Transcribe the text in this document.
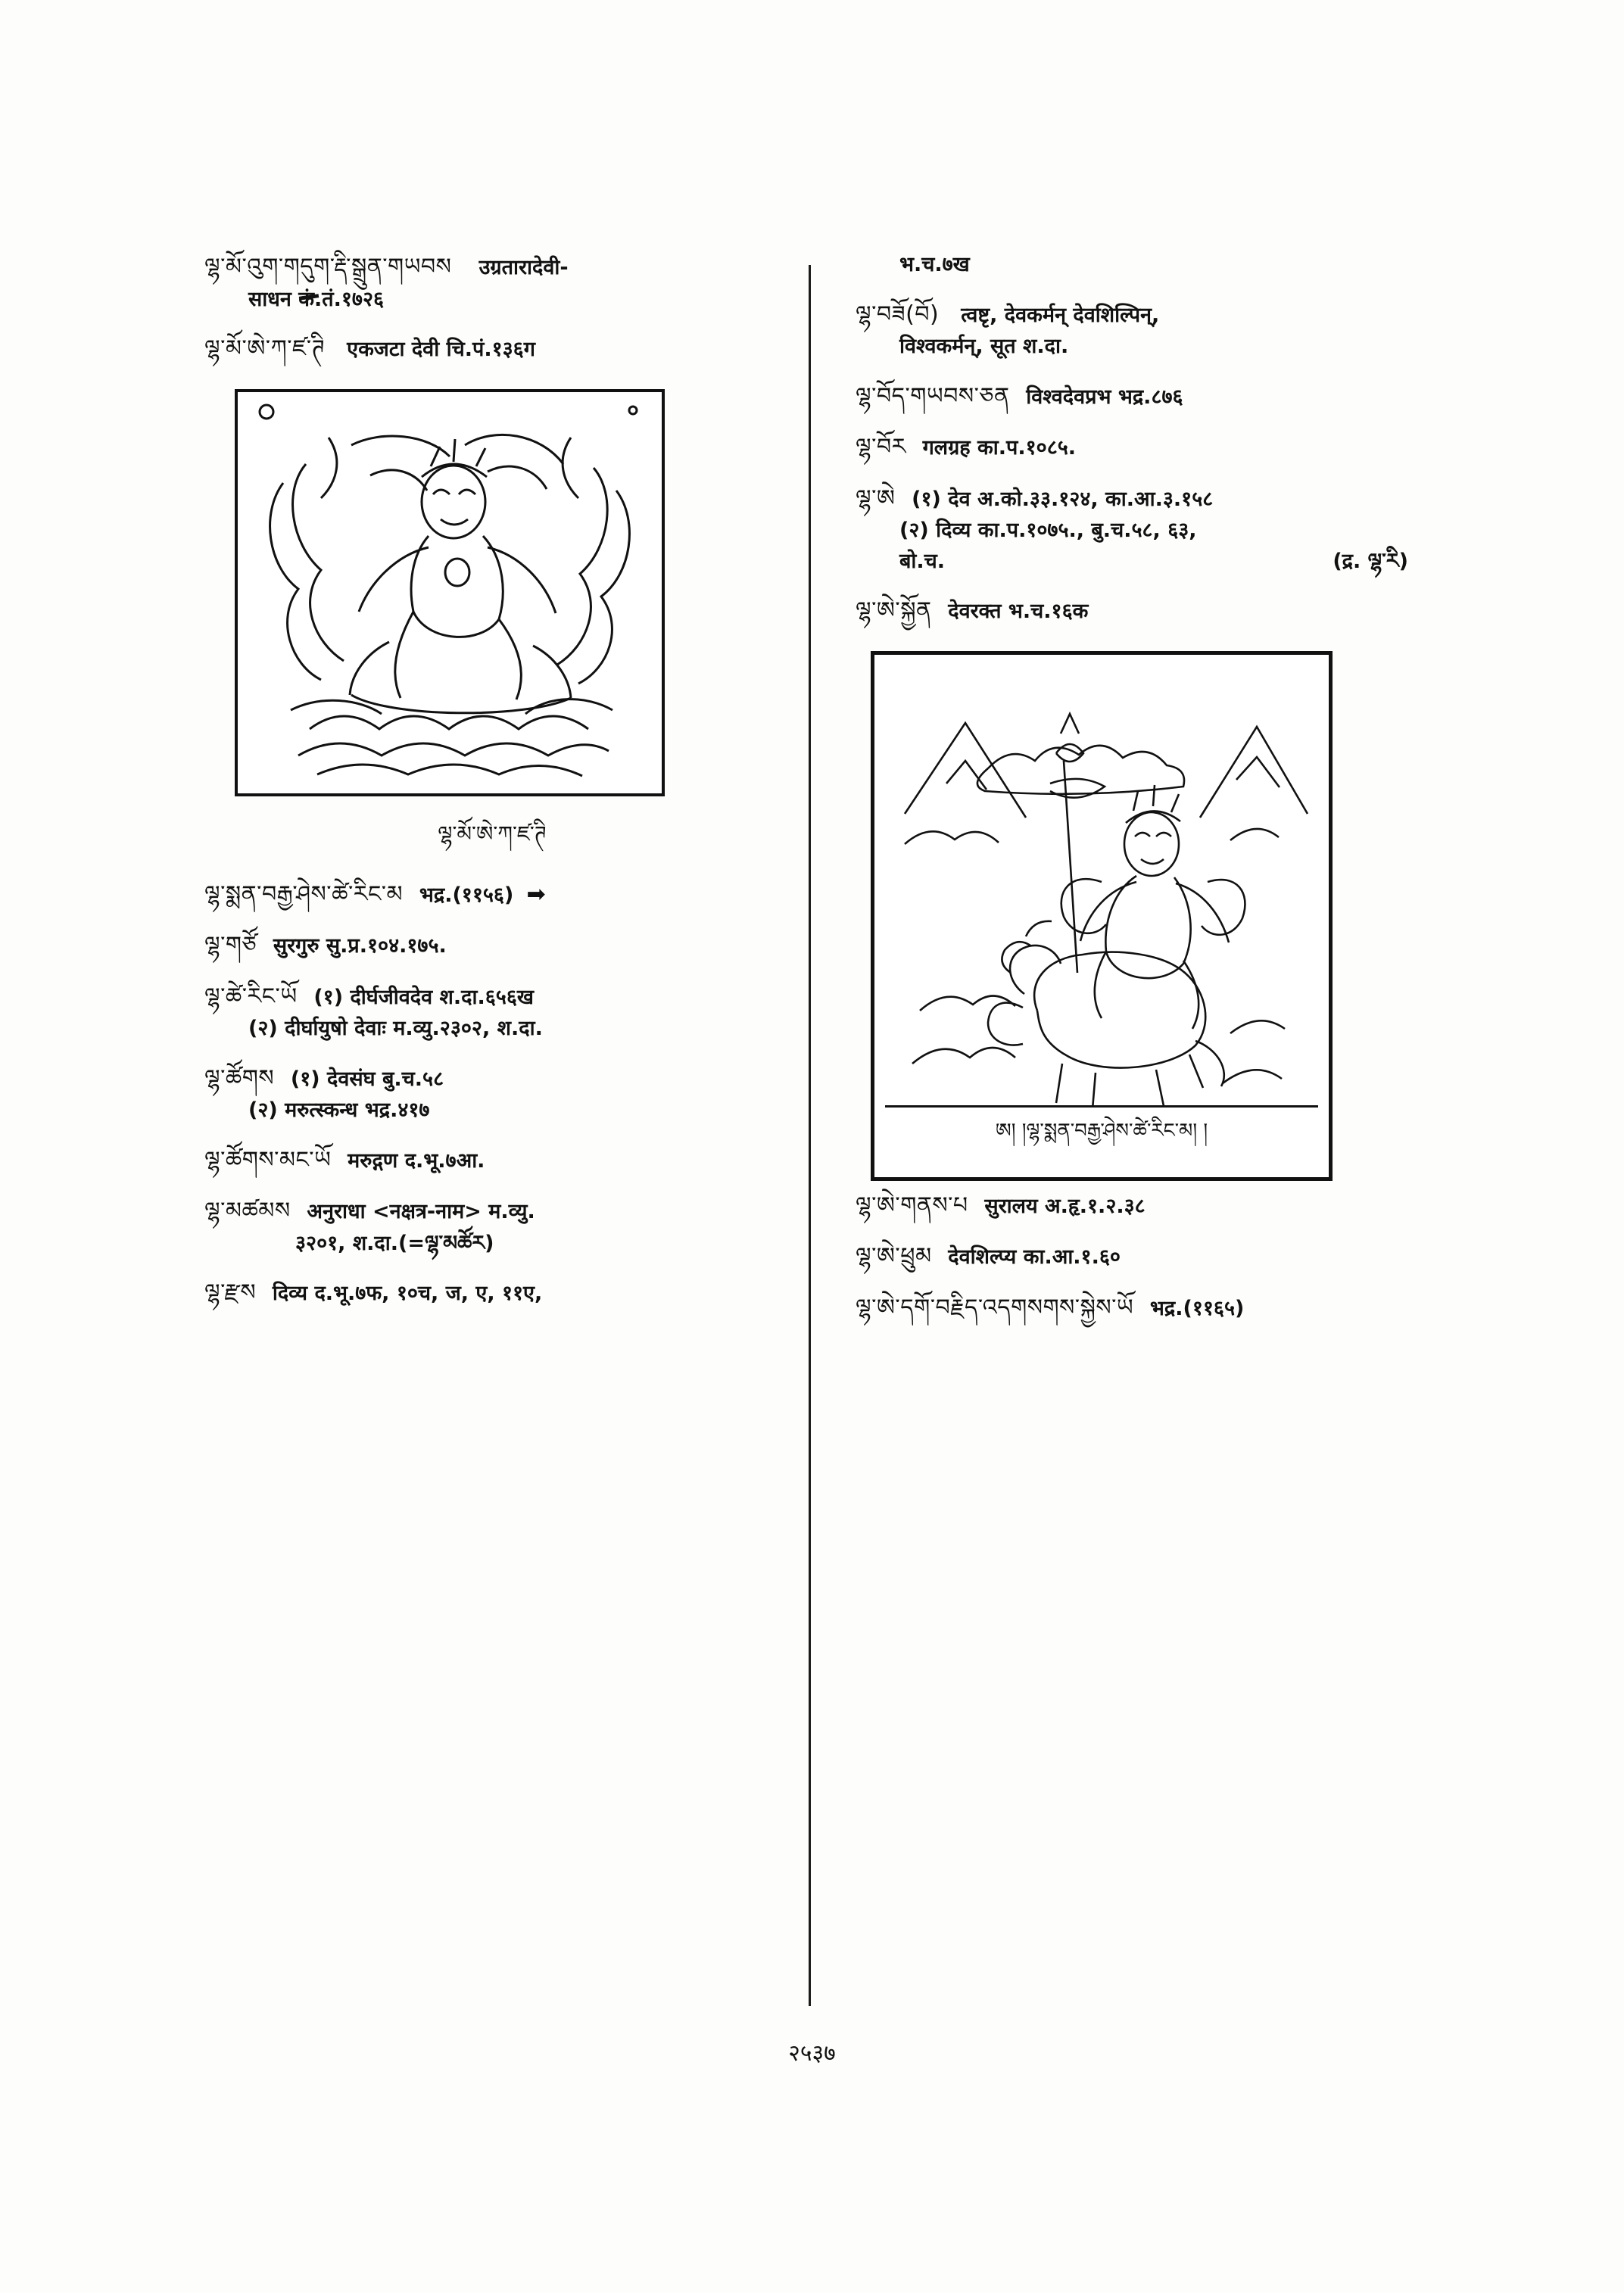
ལྷ་མོ་འུག་གདུག་རྡི་སྒྲུན་གཡབས उग्रतारादेवी-
साधन कं.तं.१७२६
ལྷ་མོ་ཨེ་ཀ་ཛ་ཊི एकजटा देवी चि.पं.१३६ग
ལྷ་མོ་ཨེ་ཀ་ཛ་ཊི
ལྷ་སྨན་བརྒྱ་ཤེས་ཚེ་རིང་མ भद्र.(११५६) ➡
ལྷ་གཙོ सुरगुरु सु.प्र.१०४.१७५.
ལྷ་ཚེ་རིང་ཡོ (१) दीर्घजीवदेव श.दा.६५६ख
(२) दीर्घायुषो देवाः म.व्यु.२३०२, श.दा.
ལྷ་ཚོགས (१) देवसंघ बु.च.५८
(२) मरुत्स्कन्ध भद्र.४१७
ལྷ་ཚོགས་མང་ཡོ मरुद्गण द.भू.७आ.
ལྷ་མཚམས अनुराधा <नक्षत्र-नाम> म.व्यु.
३२०१, श.दा.(=ལྷ་མཚོར)
ལྷ་རྫས दिव्य द.भू.७फ, १०च, ज, ए, ११ए,
भ.च.७ख
ལྷ་བཟོ(བོ) त्वष्टृ, देवकर्मन् देवशिल्पिन्,
विश्वकर्मन्, सूत श.दा.
ལྷ་བོད་གཡབས་ཅན विश्वदेवप्रभ भद्र.८७६
ལྷ་བོར गलग्रह का.प.१०८५.
ལྷ་ཨེ (१) देव अ.को.३३.१२४, का.आ.३.१५८
(२) दिव्य का.प.१०७५., बु.च.५८, ६३,
बो.च.	(द्र. ལྷ་རི)
ལྷ་ཨེ་སྐྱོན देवरक्त भ.च.१६क
ཨ། །ལྷ་སྨན་བརྒྱ་ཤེས་ཚེ་རིང་མ། །
ལྷ་ཨེ་གནས་པ सुरालय अ.हृ.१.२.३८
ལྷ་ཨེ་ཕྲུམ देवशिल्प्य का.आ.१.६०
ལྷ་ཨེ་དགོ་བརྗིད་འདགསགས་སྐྱེས་ཡོ भद्र.(११६५)
२५३७
